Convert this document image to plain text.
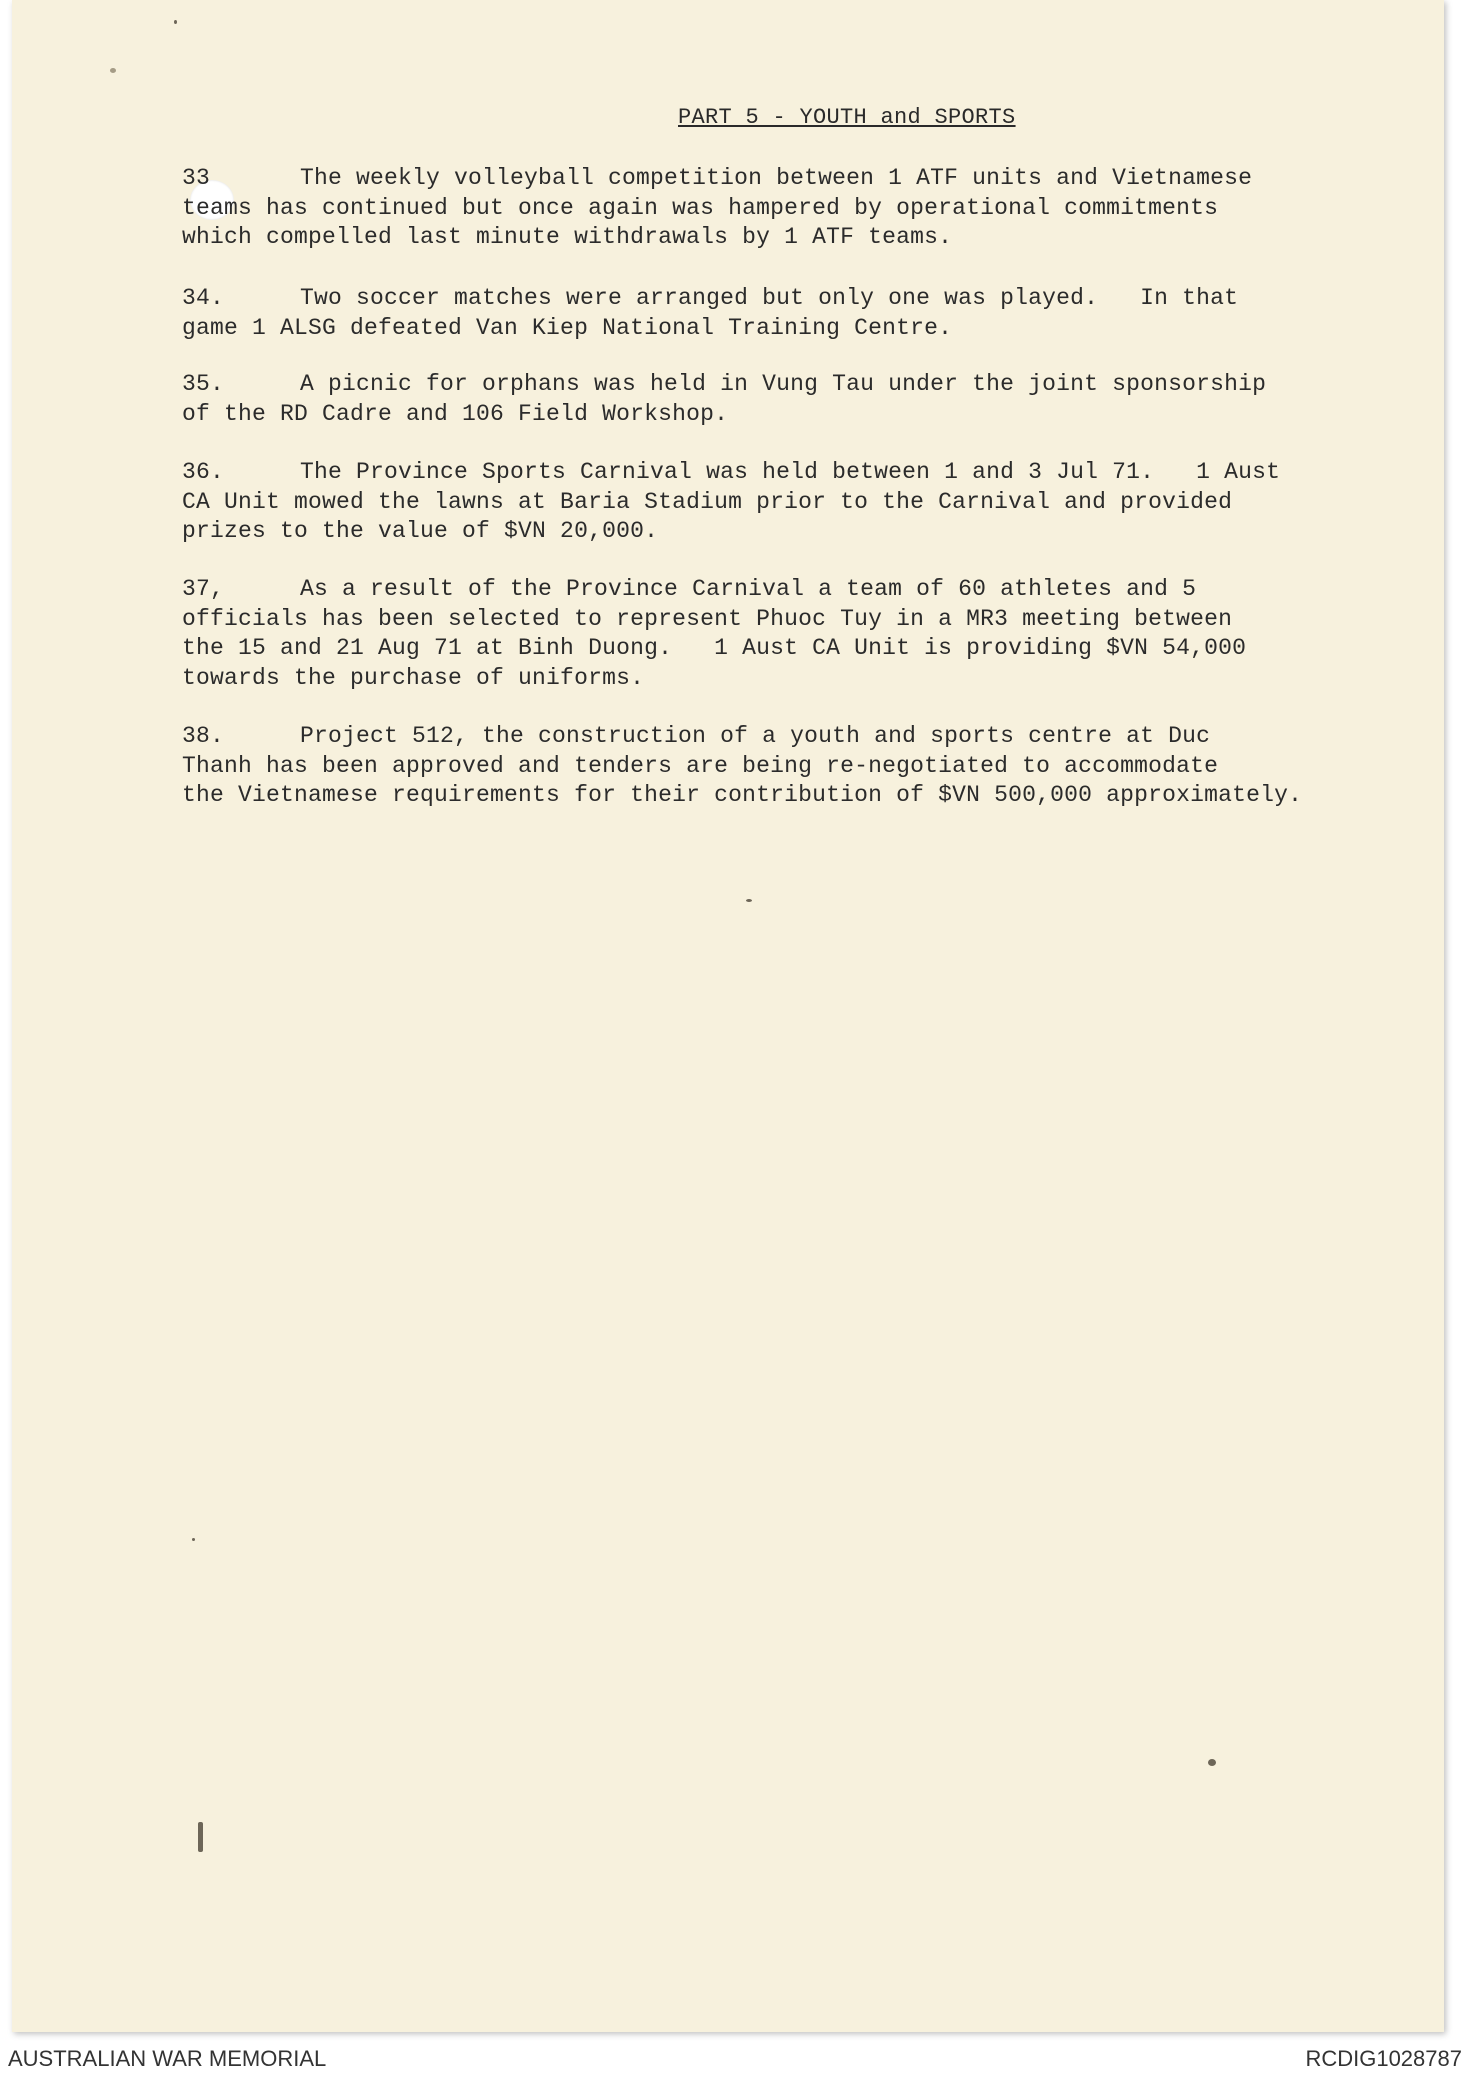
PART 5 - YOUTH and SPORTS
33	The weekly volleyball competition between 1 ATF units and Vietnamese
teams has continued but once again was hampered by operational commitments
which compelled last minute withdrawals by 1 ATF teams.
34.	Two soccer matches were arranged but only one was played.   In that
game 1 ALSG defeated Van Kiep National Training Centre.
35.	A picnic for orphans was held in Vung Tau under the joint sponsorship
of the RD Cadre and 106 Field Workshop.
36.	The Province Sports Carnival was held between 1 and 3 Jul 71.   1 Aust
CA Unit mowed the lawns at Baria Stadium prior to the Carnival and provided
prizes to the value of $VN 20,000.
37,	As a result of the Province Carnival a team of 60 athletes and 5
officials has been selected to represent Phuoc Tuy in a MR3 meeting between
the 15 and 21 Aug 71 at Binh Duong.   1 Aust CA Unit is providing $VN 54,000
towards the purchase of uniforms.
38.	Project 512, the construction of a youth and sports centre at Duc
Thanh has been approved and tenders are being re-negotiated to accommodate
the Vietnamese requirements for their contribution of $VN 500,000 approximately.
AUSTRALIAN WAR MEMORIAL	RCDIG1028787
